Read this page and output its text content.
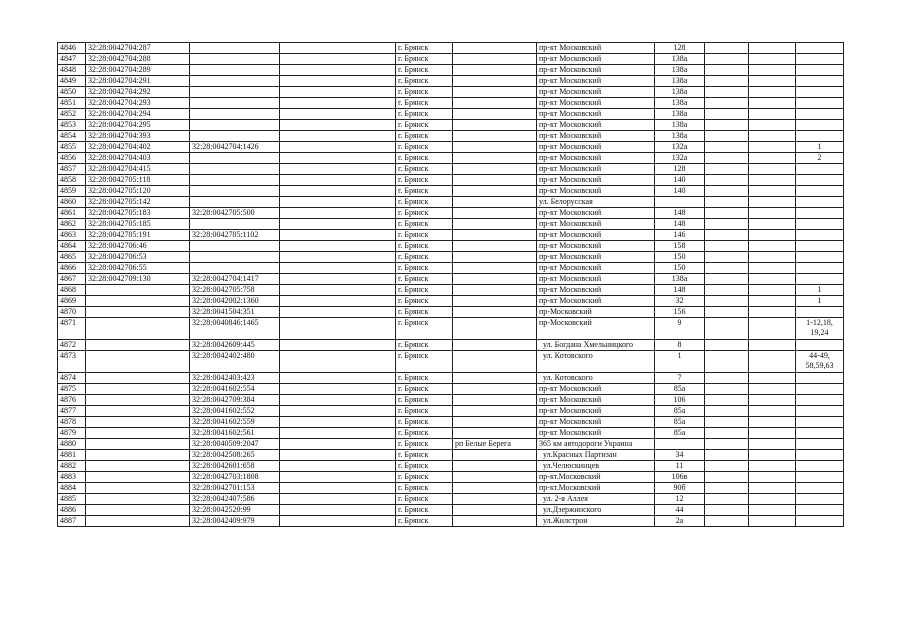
4846	32:28:0042704:287			г. Брянск		пр-кт Московский	128			
4847	32:28:0042704:288			г. Брянск		пр-кт Московский	138а			
4848	32:28:0042704:289			г. Брянск		пр-кт Московский	138а			
4849	32:28:0042704:291			г. Брянск		пр-кт Московский	138а			
4850	32:28:0042704:292			г. Брянск		пр-кт Московский	138а			
4851	32:28:0042704:293			г. Брянск		пр-кт Московский	138а			
4852	32:28:0042704:294			г. Брянск		пр-кт Московский	138а			
4853	32:28:0042704:295			г. Брянск		пр-кт Московский	138а			
4854	32:28:0042704:393			г. Брянск		пр-кт Московский	138а			
4855	32:28:0042704:402	32:28:0042704:1426		г. Брянск		пр-кт Московский	132а			1
4856	32:28:0042704:403			г. Брянск		пр-кт Московский	132а			2
4857	32:28:0042704:415			г. Брянск		пр-кт Московский	128			
4858	32:28:0042705:118			г. Брянск		пр-кт Московский	140			
4859	32:28:0042705:120			г. Брянск		пр-кт Московский	140			
4860	32:28:0042705:142			г. Брянск		ул. Белорусская				
4861	32:28:0042705:183	32:28:0042705:500		г. Брянск		пр-кт Московский	148			
4862	32:28:0042705:185			г. Брянск		пр-кт Московский	148			
4863	32:28:0042705:191	32:28:0042705:1102		г. Брянск		пр-кт Московский	146			
4864	32:28:0042706:46			г. Брянск		пр-кт Московский	158			
4865	32:28:0042706:53			г. Брянск		пр-кт Московский	150			
4866	32:28:0042706:55			г. Брянск		пр-кт Московский	150			
4867	32:28:0042709:130	32:28:0042704:1417		г. Брянск		пр-кт Московский	138а			
4868		32:28:0042705:758		г. Брянск		пр-кт Московский	148			1
4869		32:28:0042002:1360		г. Брянск		пр-кт Московский	32			1
4870		32:28:0041504:351		г. Брянск		пр-Московский	156			
4871		32:28:0040846:1465		г. Брянск		пр-Московский	9			1-12,18,
19,24
4872		32:28:0042609:445		г. Брянск		ул. Богдана Хмельницкого	8			
4873		32:28:0042402:480		г. Брянск		ул. Котовского	1			44-49,
58,59,63
4874		32:28:0042403:423		г. Брянск		ул. Котовского	7			
4875		32:28:0041602:554		г. Брянск		пр-кт Московский	85а			
4876		32:28:0042709:384		г. Брянск		пр-кт Московский	106			
4877		32:28:0041602:552		г. Брянск		пр-кт Московский	85а			
4878		32:28:0041602:559		г. Брянск		пр-кт Московский	85а			
4879		32:28:0041602:561		г. Брянск		пр-кт Московский	85а			
4880		32:28:0040509:2047		г. Брянск	рп Белые Берега	365 км автодороги Украина				
4881		32:28:0042508:265		г. Брянск		ул.Красных Партизан	34			
4882		32:28:0042601:658		г. Брянск		ул.Челюскинцев	11			
4883		32:28:0042703:1808		г. Брянск		пр-кт.Московский	106в			
4884		32:28:0042701:153		г. Брянск		пр-кт.Московский	90б			
4885		32:28:0042407:586		г. Брянск		ул. 2-я Аллея	12			
4886		32:28:0042520:99		г. Брянск		ул.Дзержинского	44			
4887		32:28:0042409:979		г. Брянск		ул.Жилстрои	2а			
